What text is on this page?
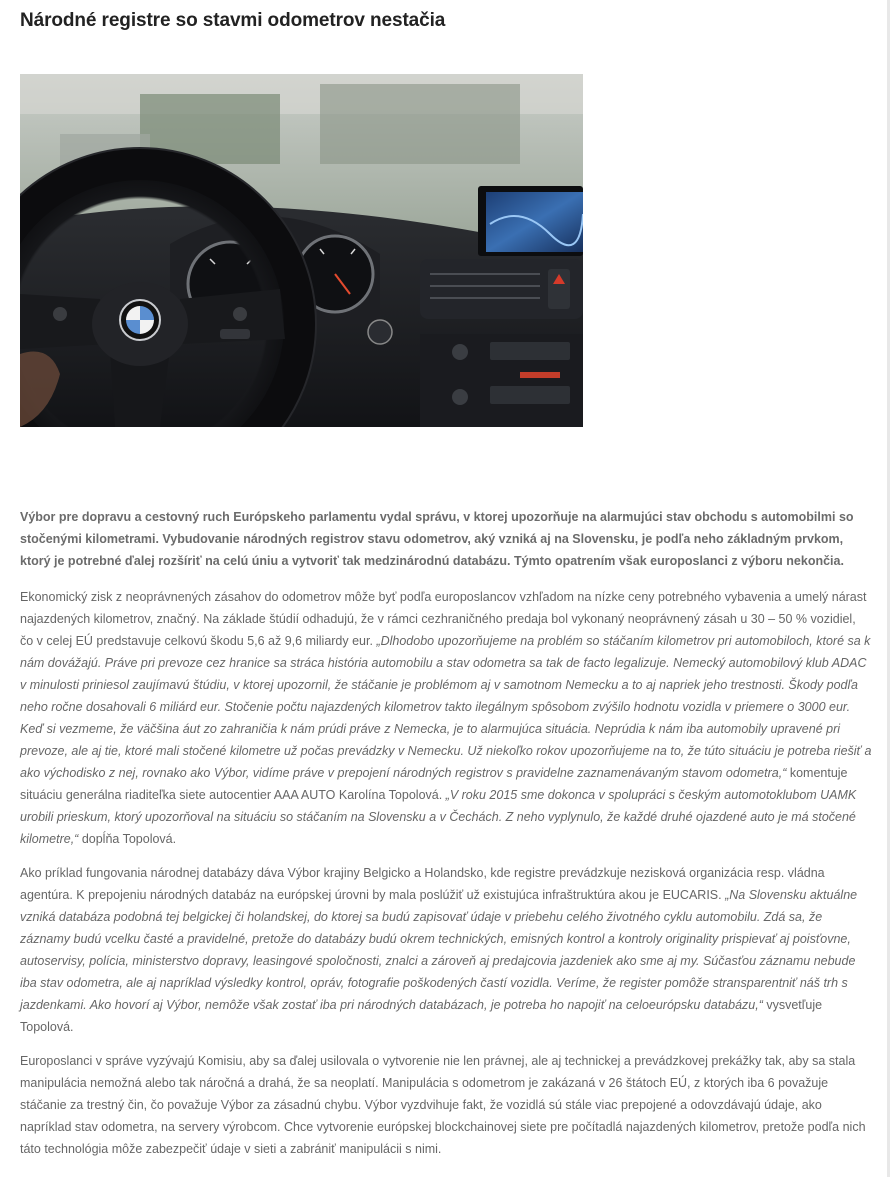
Národné registre so stavmi odometrov nestačia

Výbor pre dopravu a cestovný ruch Európskeho parlamentu vydal správu, v ktorej upozorňuje na alarmujúci stav obchodu s automobilmi so stočenými kilometrami. Vybudovanie národných registrov stavu odometrov, aký vzniká aj na Slovensku, je podľa neho základným prvkom, ktorý je potrebné ďalej rozšíriť na celú úniu a vytvoriť tak medzinárodnú databázu. Týmto opatrením však europoslanci z výboru nekončia.

Ekonomický zisk z neoprávnených zásahov do odometrov môže byť podľa europoslancov vzhľadom na nízke ceny potrebného vybavenia a umelý nárast najazdených kilometrov, značný. Na základe štúdií odhadujú, že v rámci cezhraničného predaja bol vykonaný neoprávnený zásah u 30 – 50 % vozidiel, čo v celej EÚ predstavuje celkovú škodu 5,6 až 9,6 miliardy eur. „Dlhodobo upozorňujeme na problém so stáčaním kilometrov pri automobiloch, ktoré sa k nám dovážajú. Práve pri prevoze cez hranice sa stráca história automobilu a stav odometra sa tak de facto legalizuje. Nemecký automobilový klub ADAC v minulosti priniesol zaujímavú štúdiu, v ktorej upozornil, že stáčanie je problémom aj v samotnom Nemecku a to aj napriek jeho trestnosti. Škody podľa neho ročne dosahovali 6 miliárd eur. Stočenie počtu najazdených kilometrov takto ilegálnym spôsobom zvýšilo hodnotu vozidla v priemere o 3000 eur. Keď si vezmeme, že väčšina áut zo zahraničia k nám prúdi práve z Nemecka, je to alarmujúca situácia. Neprúdia k nám iba automobily upravené pri prevoze, ale aj tie, ktoré mali stočené kilometre už počas prevádzky v Nemecku. Už niekoľko rokov upozorňujeme na to, že túto situáciu je potreba riešiť a ako východisko z nej, rovnako ako Výbor, vidíme práve v prepojení národných registrov s pravidelne zaznamenávaným stavom odometra,“ komentuje situáciu generálna riaditeľka siete autocentier AAA AUTO Karolína Topolová. „V roku 2015 sme dokonca v spolupráci s českým automotoklubom UAMK urobili prieskum, ktorý upozorňoval na situáciu so stáčaním na Slovensku a v Čechách. Z neho vyplynulo, že každé druhé ojazdené auto je má stočené kilometre,“ dopĺňa Topolová.

Ako príklad fungovania národnej databázy dáva Výbor krajiny Belgicko a Holandsko, kde registre prevádzkuje nezisková organizácia resp. vládna agentúra. K prepojeniu národných databáz na európskej úrovni by mala poslúžiť už existujúca infraštruktúra akou je EUCARIS. „Na Slovensku aktuálne vzniká databáza podobná tej belgickej či holandskej, do ktorej sa budú zapisovať údaje v priebehu celého životného cyklu automobilu. Zdá sa, že záznamy budú vcelku časté a pravidelné, pretože do databázy budú okrem technických, emisných kontrol a kontroly originality prispievať aj poisťovne, autoservisy, polícia, ministerstvo dopravy, leasingové spoločnosti, znalci a zároveň aj predajcovia jazdeniek ako sme aj my. Súčasťou záznamu nebude iba stav odometra, ale aj napríklad výsledky kontrol, opráv, fotografie poškodených častí vozidla. Veríme, že register pomôže stransparentniť náš trh s jazdenkami. Ako hovorí aj Výbor, nemôže však zostať iba pri národných databázach, je potreba ho napojiť na celoeurópsku databázu,“ vysvetľuje Topolová.

Europoslanci v správe vyzývajú Komisiu, aby sa ďalej usilovala o vytvorenie nie len právnej, ale aj technickej a prevádzkovej prekážky tak, aby sa stala manipulácia nemožná alebo tak náročná a drahá, že sa neoplatí. Manipulácia s odometrom je zakázaná v 26 štátoch EÚ, z ktorých iba 6 považuje stáčanie za trestný čin, čo považuje Výbor za zásadnú chybu. Výbor vyzdvihuje fakt, že vozidlá sú stále viac prepojené a odovzdávajú údaje, ako napríklad stav odometra, na servery výrobcom. Chce vytvorenie európskej blockchainovej siete pre počítadlá najazdených kilometrov, pretože podľa nich táto technológia môže zabezpečiť údaje v sieti a zabrániť manipulácii s nimi.
